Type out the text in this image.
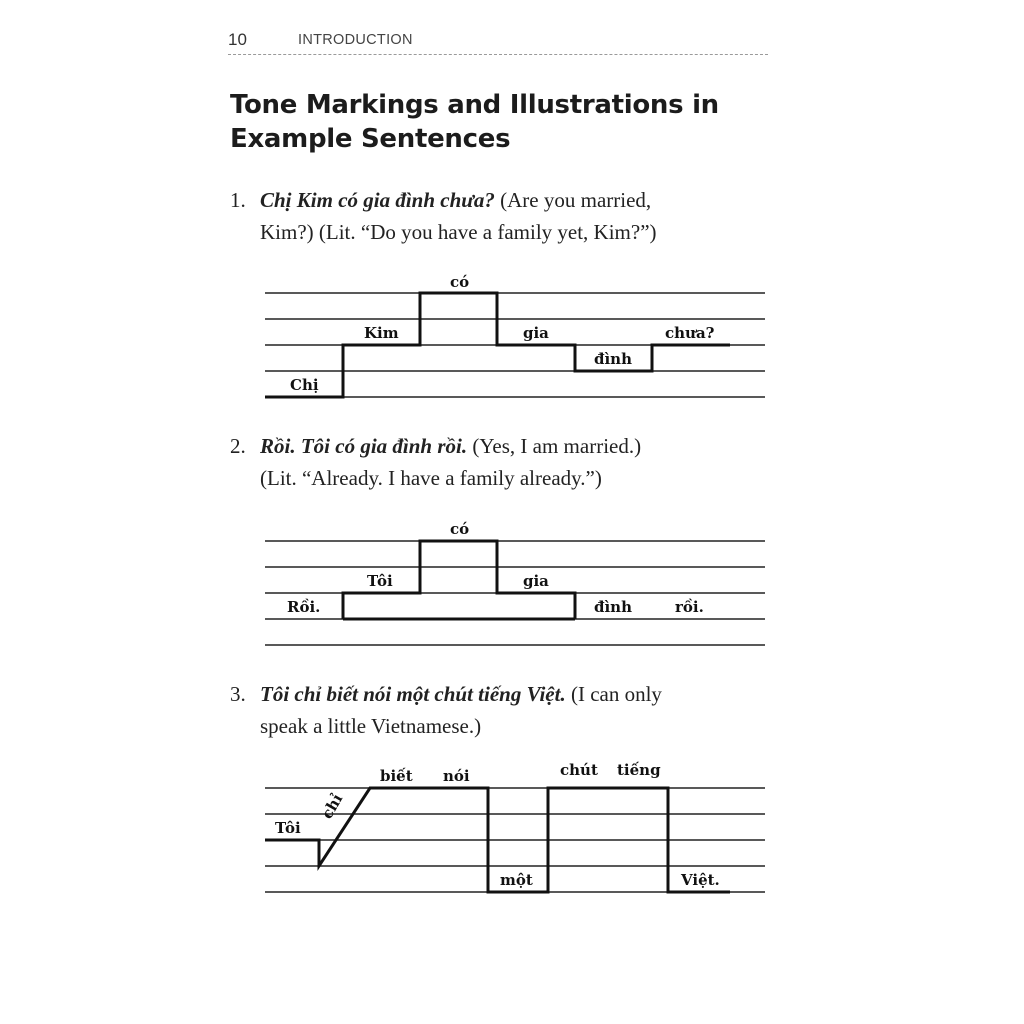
10	INTRODUCTION
Tone Markings and Illustrations in
Example Sentences
1. Chị Kim có gia đình chưa? (Are you married,
Kim?) (Lit. “Do you have a family yet, Kim?”)
2. Rồi. Tôi có gia đình rồi. (Yes, I am married.)
(Lit. “Already. I have a family already.”)
3. Tôi chỉ biết nói một chút tiếng Việt. (I can only
speak a little Vietnamese.)
Chị
Kim
có
gia
đình
chưa?
Rồi.
Tôi
có
gia
đình	rồi.
Tôi
chỉ
biết nói
một
chút tiếng
Việt.
